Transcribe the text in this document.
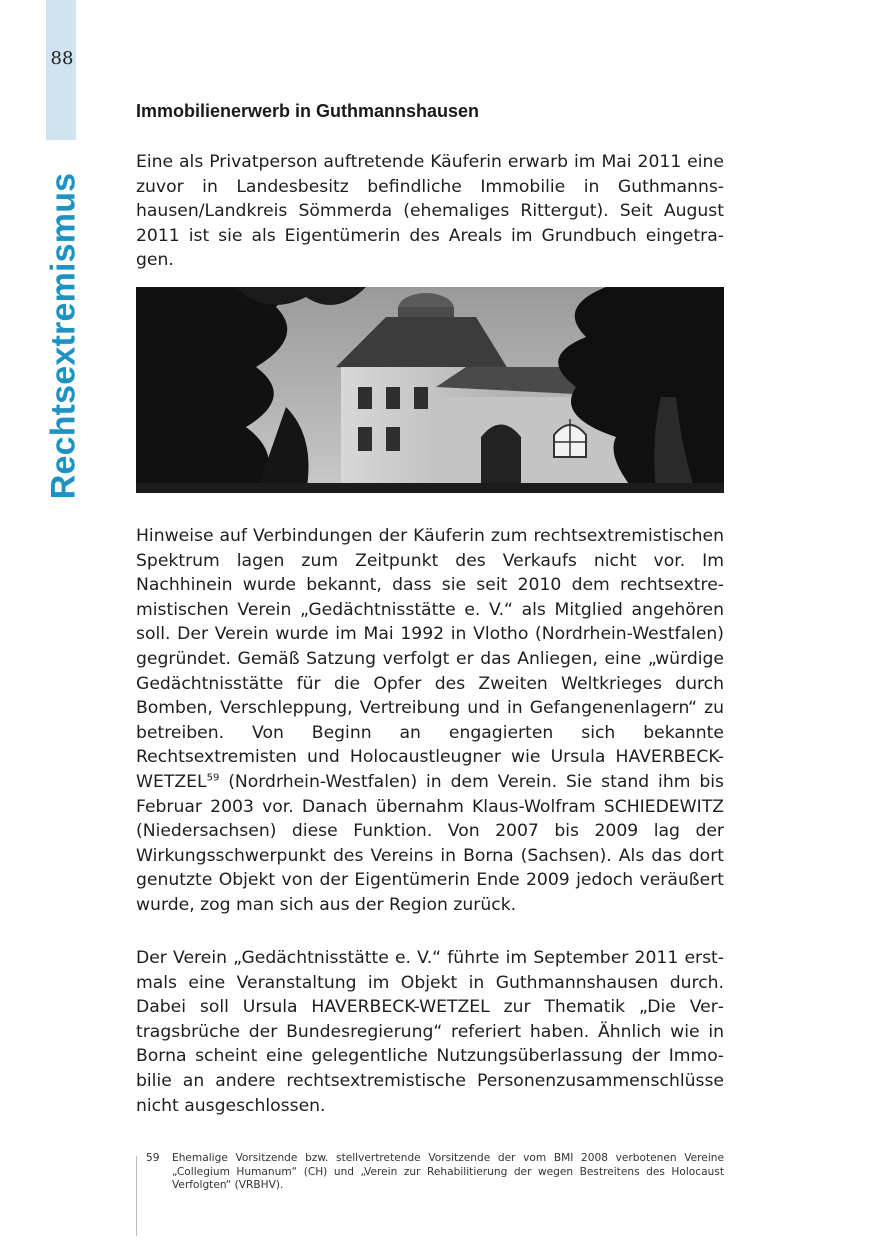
88
Rechtsextremismus
Immobilienerwerb in Guthmannshausen

Eine als Privatperson auftretende Käuferin erwarb im Mai 2011 eine zuvor in Landesbesitz befindliche Immobilie in Guthmannshausen/Landkreis Sömmerda (ehemaliges Rittergut). Seit August 2011 ist sie als Eigentümerin des Areals im Grundbuch eingetragen.

Hinweise auf Verbindungen der Käuferin zum rechtsextremistischen Spektrum lagen zum Zeitpunkt des Verkaufs nicht vor. Im Nachhinein wurde bekannt, dass sie seit 2010 dem rechtsextremistischen Verein „Gedächtnisstätte e. V.“ als Mitglied angehören soll. Der Verein wurde im Mai 1992 in Vlotho (Nordrhein-Westfalen) gegründet. Gemäß Satzung verfolgt er das Anliegen, eine „würdige Gedächtnisstätte für die Opfer des Zweiten Weltkrieges durch Bomben, Verschleppung, Vertreibung und in Gefangenenlagern“ zu betreiben. Von Beginn an engagierten sich bekannte Rechtsextremisten und Holocaustleugner wie Ursula HAVERBECK-WETZEL$^{59}$ (Nordrhein-Westfalen) in dem Verein. Sie stand ihm bis Februar 2003 vor. Danach übernahm Klaus-Wolfram SCHIEDEWITZ (Niedersachsen) diese Funktion. Von 2007 bis 2009 lag der Wirkungsschwerpunkt des Vereins in Borna (Sachsen). Als das dort genutzte Objekt von der Eigentümerin Ende 2009 jedoch veräußert wurde, zog man sich aus der Region zurück.

Der Verein „Gedächtnisstätte e. V.“ führte im September 2011 erstmals eine Veranstaltung im Objekt in Guthmannshausen durch. Dabei soll Ursula HAVERBECK-WETZEL zur Thematik „Die Vertragsbrüche der Bundesregierung“ referiert haben. Ähnlich wie in Borna scheint eine gelegentliche Nutzungsüberlassung der Immobilie an andere rechtsextremistische Personenzusammenschlüsse nicht ausgeschlossen.

59 Ehemalige Vorsitzende bzw. stellvertretende Vorsitzende der vom BMI 2008 verbotenen Vereine „Collegium Humanum“ (CH) und „Verein zur Rehabilitierung der wegen Bestreitens des Holocaust Verfolgten“ (VRBHV).
